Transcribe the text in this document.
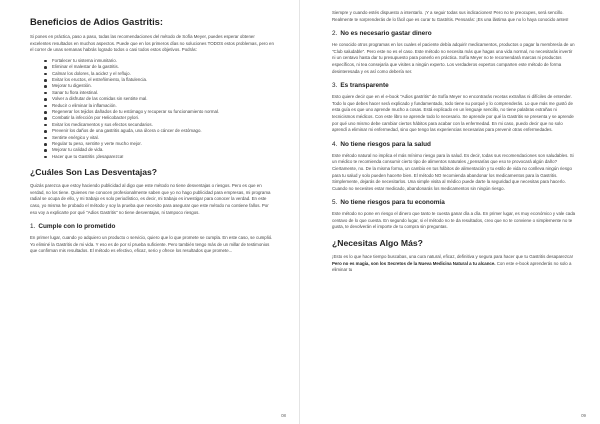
Beneficios de Adios Gastritis:
Si pones en práctica, paso a paso, todas las recomendaciones del método de Sofía Meyer, puedes esperar obtener excelentes resultados en muchos aspectos. Puede que en los primeros días no soluciones TODOS estos problemas, pero en el correr de unas semanas habrás logrado todos o casi todos estos objetivos. Podrás:
Fortalecer tu sistema inmunitario.
Eliminar el malestar de la gastritis.
Calmar los dolores, la acidez y el reflujo.
Evitar los eructos, el estreñimiento, la flatulencia.
Mejorar tu digestión.
Sanar tu flora intestinal.
Volver a disfrutar de las comidas sin sentirte mal.
Reducir o eliminar la inflamación.
Regenerar los tejidos dañados de tu estómago y recuperar su funcionamiento normal.
Combatir la infección por Helicobacter pylori.
Evitar los medicamentos y sus efectos secundarios.
Prevenir los daños de una gastritis aguda, una úlcera o cáncer de estómago.
Sentirte enérgico y vital.
Regular tu peso, sentirte y verte mucho mejor.
Mejorar tu calidad de vida.
Hacer que tu Gastritis ¡desaparezca!
¿Cuáles Son Las Desventajas?
Quizás parezca que estoy haciendo publicidad al digo que este método no tiene desventajas o riesgos. Pero es que en verdad, no los tiene. Quienes me conocen profesionalmente saben que yo no hago publicidad para empresas, mi programa radial se ocupa de ello, y mi trabajo es solo periodístico, es decir, mi trabajo es investigar para conocer la verdad. En este caso, yo misma he probado el método y soy la prueba que necesito para asegurar que este método no contiene fallos. Por eso voy a explicarte por qué "Adios Gastritis" no tiene desventajas, ni tampoco riesgos.
1. Cumple con lo prometido
En primer lugar, cuando yo adquiero un producto o servicio, quiero que lo que promete se cumpla. En este caso, se cumplió. Yo eliminé la Gastritis de mi vida. Y eso es de por sí prueba suficiente. Pero también tengo más de un millar de testimonios que confirman mis resultados. El método es efectivo, eficaz, serio y ofrece los resultados que promete...
08
Siempre y cuando estés dispuesto a intentarlo. ¡Y a seguir todas sus indicaciones! Pero no te preocupes, será sencillo. Realmente te sorprenderás de lo fácil que es curar tu Gastritis. Pensarás: ¡Es una lástima que no lo haya conocido antes!
2. No es necesario gastar dinero
He conocido otros programas en los cuales el paciente debía adquirir medicamentos, productos o pagar la membresía de un "Club saludable". Pero este no es el caso. Este método no necesita más que hagas una vida normal, no necesitarás invertir ni un centavo hasta dar tu presupuesto para ponerlo en práctica. Sofía Meyer no te recomendará marcas ni productos específicos, ni tea consejaría que visites a ningún experto. Los verdaderos expertos comparten este método de forma desinteresada y es así como debería ser.
3. Es transparente
Esto quiere decir que en el e-book "Adios gastritis" de Sofía Meyer no encontrarás recetas extrañas ni difíciles de entender. Todo lo que debes hacer será explicado y fundamentado, todo tiene su porqué y lo comprenderás. Lo que más me gustó de esta guía es que uno aprende mucho a cosas. Está explicado en un lenguaje sencillo, no tiene palabras extrañas ni tecnicismos médicos. Con este libro se aprende todo lo necesario. Se aprende por qué la Gastritis se presenta y se aprende por qué uno mismo debe cambiar ciertos hábitos para acabar con la enfermedad. En mi caso, puedo decir que no solo aprendí a eliminar mi enfermedad, sino que tengo las experiencias necesarias para prevenir otras enfermedades.
4. No tiene riesgos para la salud
Este método natural no implica el más mínimo riesgo para la salud. Es decir, todas sus recomendaciones son saludables. Si un médico te recomienda consumir cierto tipo de alimentos naturales ¿pensarías que eso te provocará algún daño? Ciertamente, no. De la misma forma, un cambio en tus hábitos de alimentación y tu estilo de vida no conlleva ningún riesgo para tu salud y solo pueden hacerte bien. El método NO recomienda abandonar los medicamentos para la Gastritis. Simplemente, dejarás de necesitarlos. Una simple visita al médico puede darte la seguridad que necesitas para hacerlo. Cuando no necesites estar medicado, abandonarás los medicamentos sin ningún riesgo.
5. No tiene riesgos para tu economía
Este método no pone en riesgo el dinero que tanto te cuesta ganar día a día. En primer lugar, es muy económico y vale cada centavo de lo que cuesta. En segundo lugar, si el método no te da resultados, creo que no te conviene o simplemente no te gusta, te devolverán el importe de tu compra sin preguntas.
¿Necesitas Algo Más?
¡Esto es lo que hace tiempo buscabas, una cura natural, eficaz, definitiva y segura para hacer que tu Gastritis desaparezca! Pero no es magia, son los Secretos de la Nueva Medicina Natural a tu alcance. Con este e-book aprenderás no solo a eliminar tu
09
